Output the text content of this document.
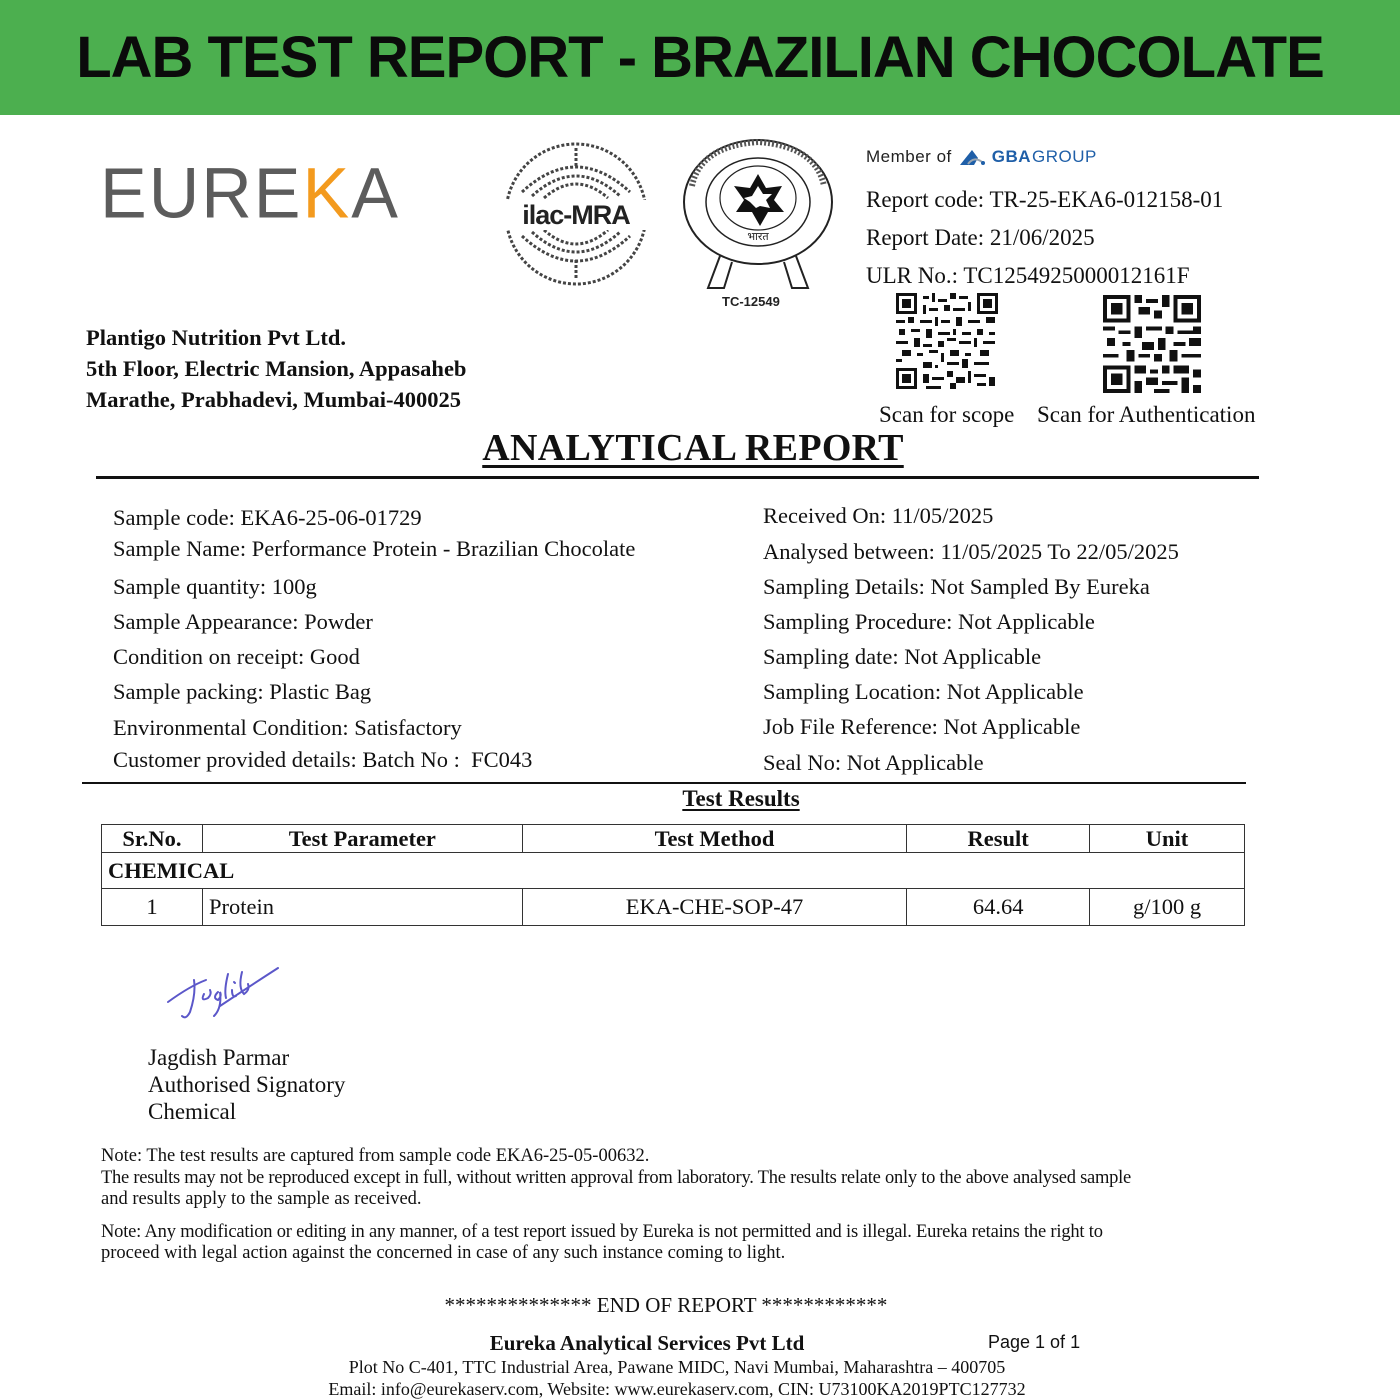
LAB TEST REPORT - BRAZILIAN CHOCOLATE
EUREKA	ilac-MRA
भारत
TC-12549
Member of GBA GROUP
Report code: TR-25-EKA6-012158-01
Report Date: 21/06/2025
ULR No.: TC1254925000012161F
Scan for scope Scan for Authentication
Plantigo Nutrition Pvt Ltd.
5th Floor, Electric Mansion, Appasaheb
Marathe, Prabhadevi, Mumbai-400025
ANALYTICAL REPORT
Sample code: EKA6-25-06-01729
Sample Name: Performance Protein - Brazilian Chocolate
Sample quantity: 100g
Sample Appearance: Powder
Condition on receipt: Good
Sample packing: Plastic Bag
Environmental Condition: Satisfactory
Customer provided details: Batch No :  FC043
Received On: 11/05/2025
Analysed between: 11/05/2025 To 22/05/2025
Sampling Details: Not Sampled By Eureka
Sampling Procedure: Not Applicable
Sampling date: Not Applicable
Sampling Location: Not Applicable
Job File Reference: Not Applicable
Seal No: Not Applicable
Test Results
Sr.No.	Test Parameter	Test Method	Result	Unit
CHEMICAL				
1	Protein	EKA-CHE-SOP-47	64.64	g/100 g
Jagdish Parmar
Authorised Signatory
Chemical

Note: The test results are captured from sample code EKA6-25-05-00632.

The results may not be reproduced except in full, without written approval from laboratory. The results relate only to the above analysed sample

and results apply to the sample as received.

Note: Any modification or editing in any manner, of a test report issued by Eureka is not permitted and is illegal. Eureka retains the right to

proceed with legal action against the concerned in case of any such instance coming to light.

************** END OF REPORT ************
Eureka Analytical Services Pvt Ltd	Page 1 of 1
Plot No C-401, TTC Industrial Area, Pawane MIDC, Navi Mumbai, Maharashtra – 400705
Email: info@eurekaserv.com, Website: www.eurekaserv.com, CIN: U73100KA2019PTC127732
